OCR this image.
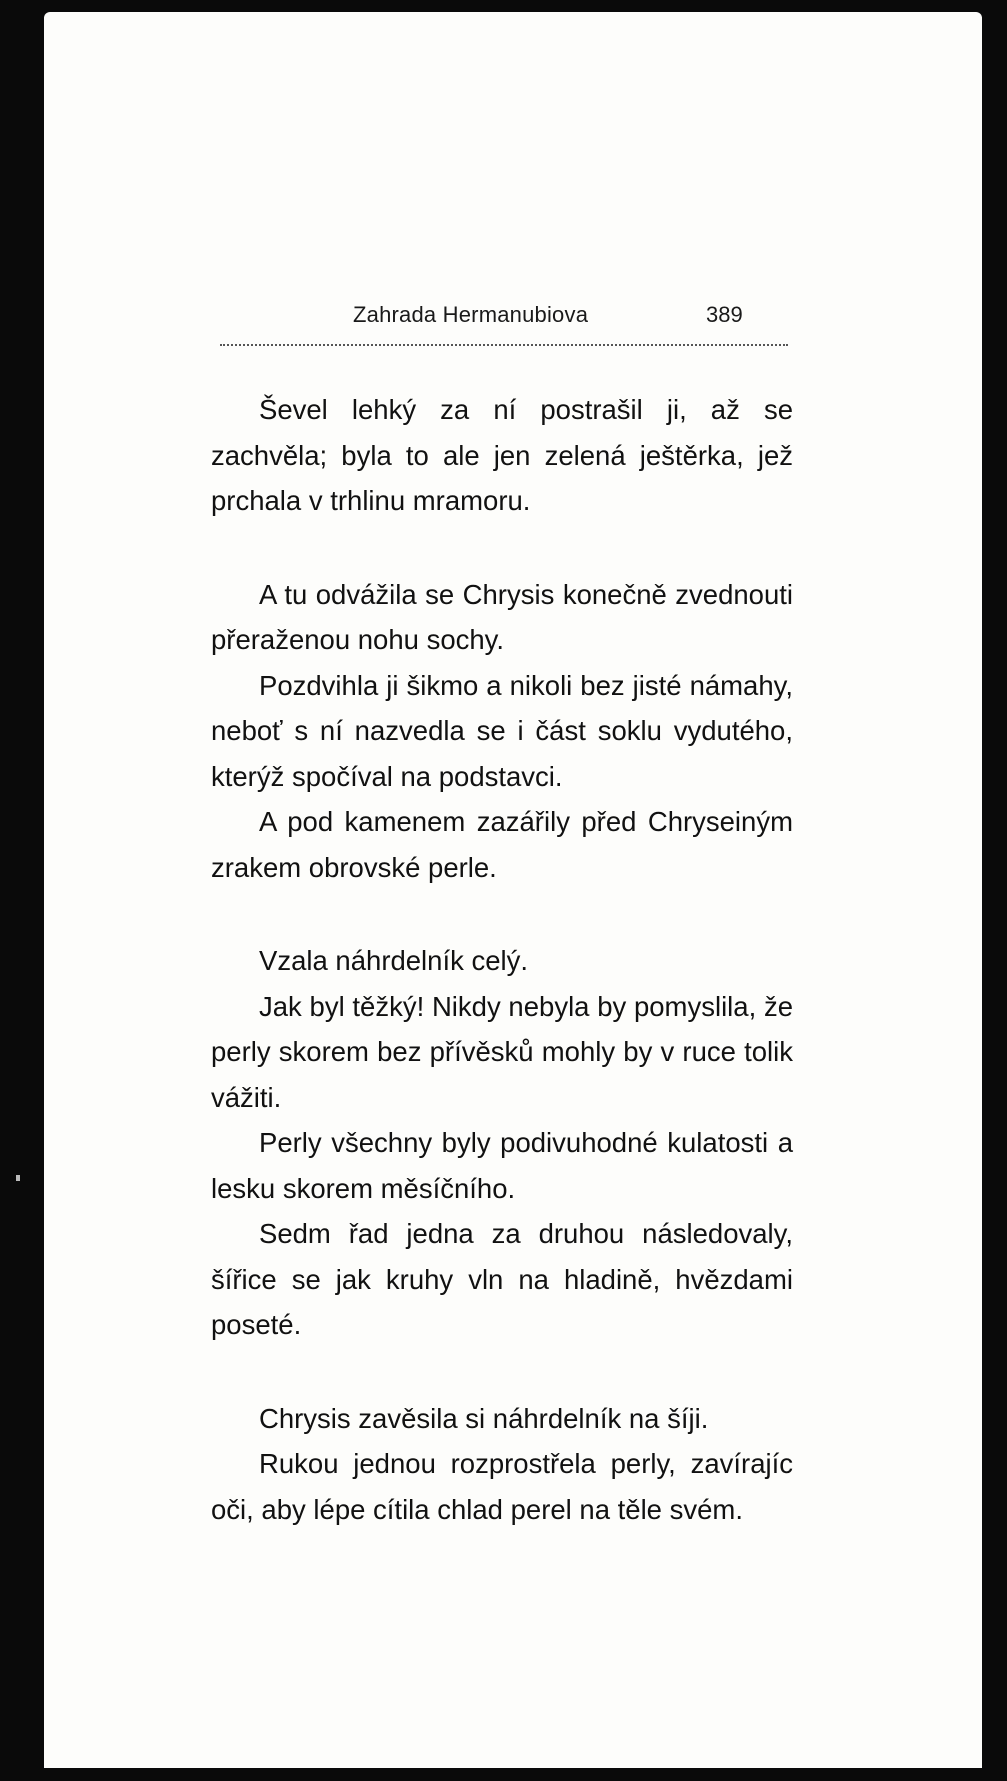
Zahrada Hermanubiova	389

Ševel lehký za ní postrašil ji, až se zachvěla; byla to ale jen zelená ještěrka, jež prchala v trhlinu mramoru.

A tu odvážila se Chrysis konečně zvednouti přeraženou nohu sochy.

Pozdvihla ji šikmo a nikoli bez jisté námahy, neboť s ní nazvedla se i část soklu vydutého, kterýž spočíval na podstavci.

A pod kamenem zazářily před Chryseiným zrakem obrovské perle.

Vzala náhrdelník celý.

Jak byl těžký! Nikdy nebyla by pomyslila, že perly skorem bez přívěsků mohly by v ruce tolik vážiti.

Perly všechny byly podivuhodné kulatosti a lesku skorem měsíčního.

Sedm řad jedna za druhou následovaly, šířice se jak kruhy vln na hladině, hvězdami poseté.

Chrysis zavěsila si náhrdelník na šíji.

Rukou jednou rozprostřela perly, zavírajíc oči, aby lépe cítila chlad perel na těle svém.
